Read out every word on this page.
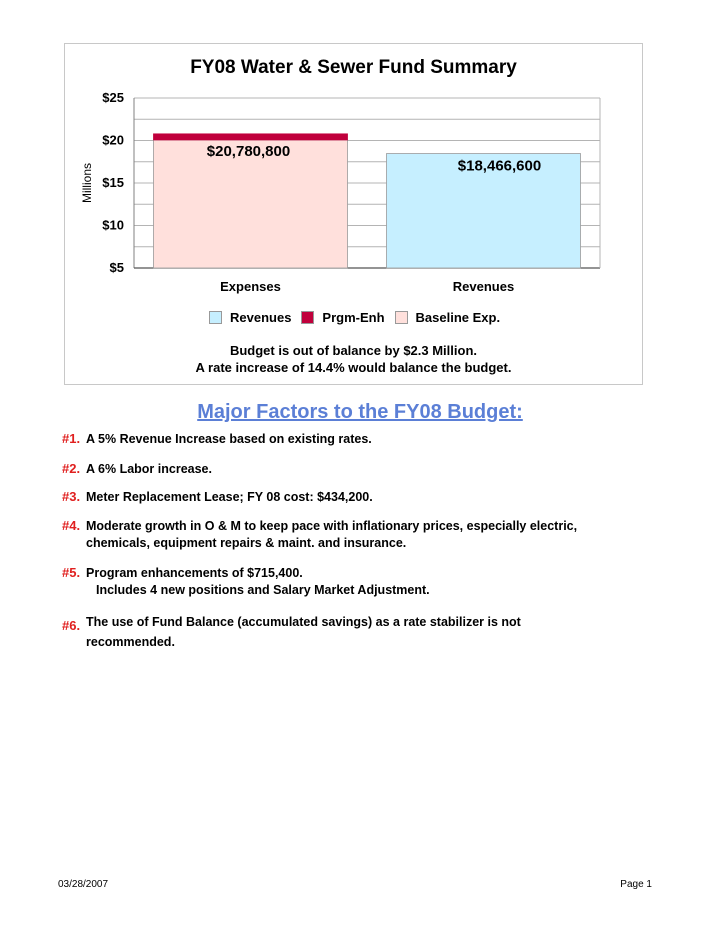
FY08 Water & Sewer Fund Summary
$5
$10
$15
$20
$25
Millions
$20,780,800
Expenses
$18,466,600
Revenues
Revenues Prgm-Enh Baseline Exp.
Budget is out of balance by $2.3 Million.
A rate increase of 14.4% would balance the budget.
Major Factors to the FY08 Budget:
#1. A 5% Revenue Increase based on existing rates.
#2. A 6% Labor increase.
#3. Meter Replacement Lease; FY 08 cost: $434,200.
#4. Moderate growth in O & M to keep pace with inflationary prices, especially electric,
chemicals, equipment repairs & maint. and insurance.
#5. Program enhancements of $715,400.
Includes 4 new positions and Salary Market Adjustment.
#6. The use of Fund Balance (accumulated savings) as a rate stabilizer is not
recommended.
03/28/2007	Page 1
